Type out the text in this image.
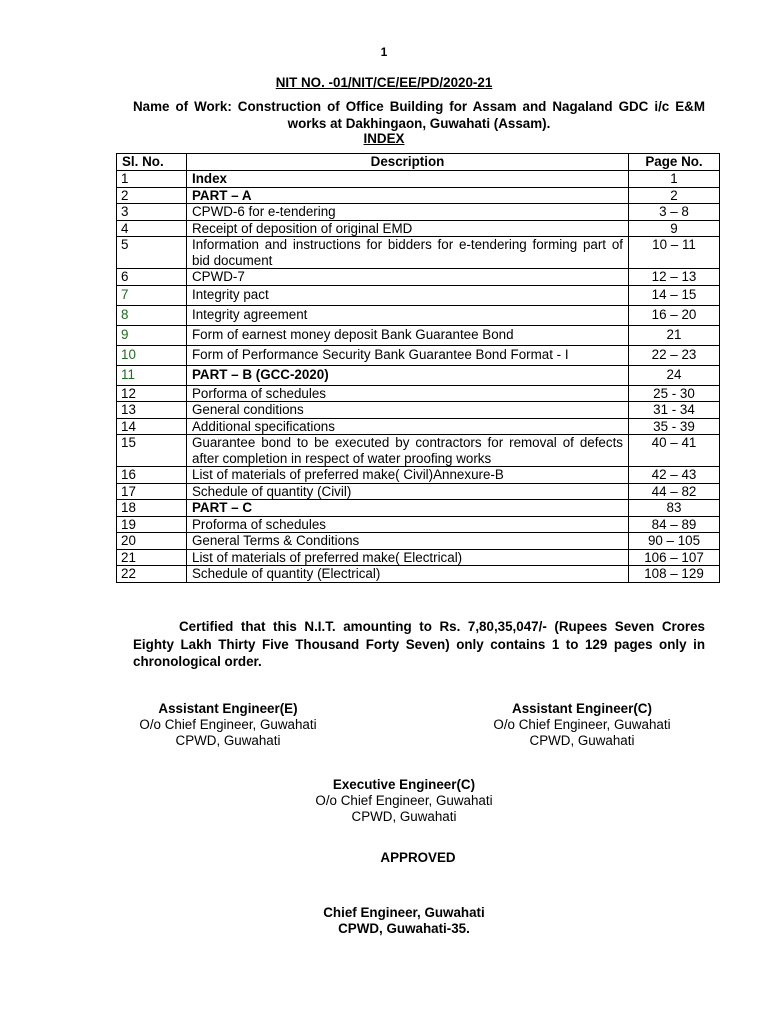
1
NIT NO. -01/NIT/CE/EE/PD/2020-21
Name of Work: Construction of Office Building for Assam and Nagaland GDC i/c E&M works at Dakhingaon, Guwahati (Assam).
INDEX
Sl. No.	Description	Page No.
1	Index	1
2	PART – A	2
3	CPWD-6 for e-tendering	3 – 8
4	Receipt of deposition of original EMD	9
5	Information and instructions for bidders for e-tendering forming part of bid document	10 – 11
6	CPWD-7	12 – 13
7	Integrity pact	14 – 15
8	Integrity agreement	16 – 20
9	Form of earnest money deposit Bank Guarantee Bond	21
10	Form of Performance Security Bank Guarantee Bond Format - I	22 – 23
11	PART – B (GCC-2020)	24
12	Porforma of schedules	25 - 30
13	General conditions	31 - 34
14	Additional specifications	35 - 39
15	Guarantee bond to be executed by contractors for removal of defects after completion in respect of water proofing works	40 – 41
16	List of materials of preferred make( Civil)Annexure-B	42 – 43
17	Schedule of quantity (Civil)	44 – 82
18	PART – C	83
19	Proforma of schedules	84 – 89
20	General Terms & Conditions	90 – 105
21	List of materials of preferred make( Electrical)	106 – 107
22	Schedule of quantity (Electrical)	108 – 129
Certified that this N.I.T. amounting to Rs. 7,80,35,047/- (Rupees Seven Crores Eighty Lakh Thirty Five Thousand Forty Seven) only contains 1 to 129 pages only in chronological order.
Assistant Engineer(E)
O/o Chief Engineer, Guwahati
CPWD, Guwahati
Assistant Engineer(C)
O/o Chief Engineer, Guwahati
CPWD, Guwahati
Executive Engineer(C)
O/o Chief Engineer, Guwahati
CPWD, Guwahati
APPROVED
Chief Engineer, Guwahati
CPWD, Guwahati-35.
